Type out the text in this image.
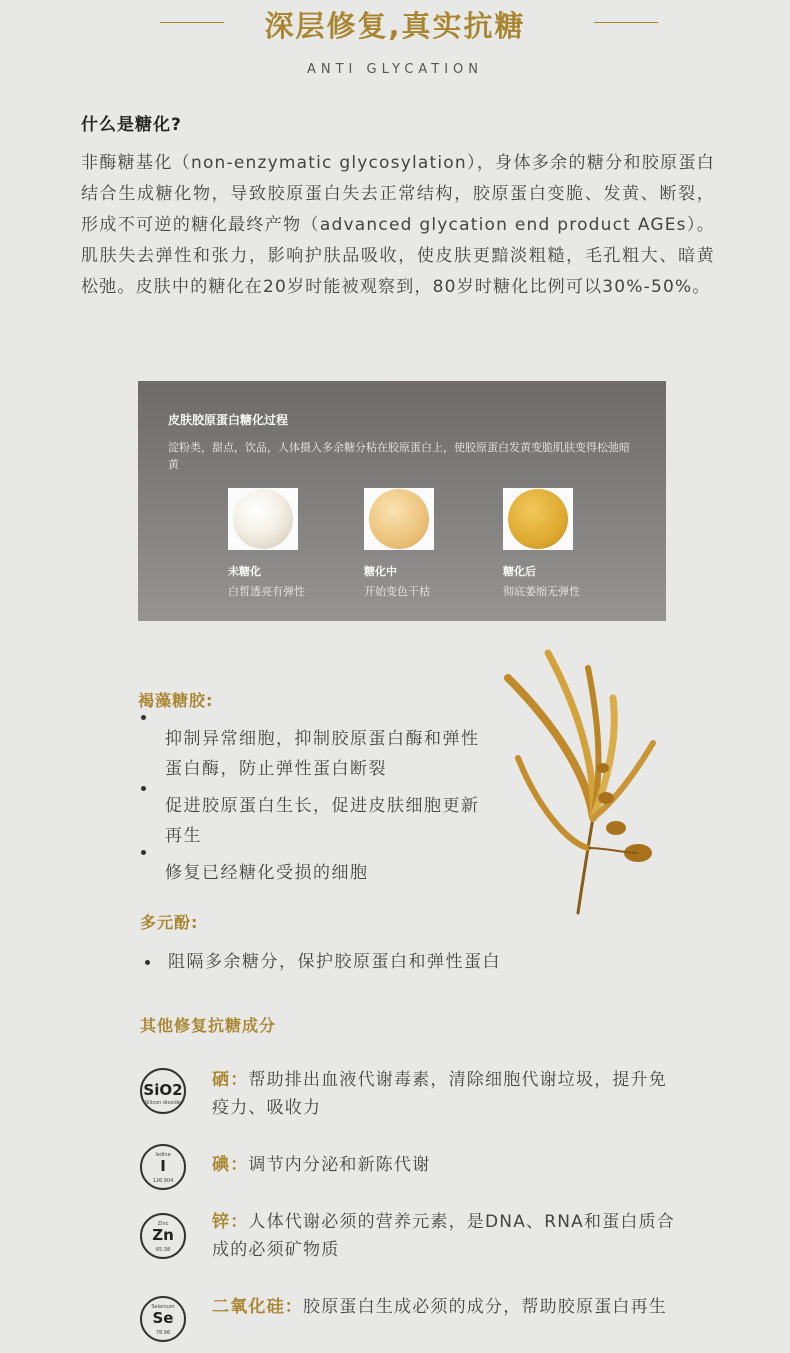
深层修复,真实抗糖
ANTI GLYCATION
什么是糖化?

非酶糖基化（non-enzymatic glycosylation），身体多余的糖分和胶原蛋白结合生成糖化物，导致胶原蛋白失去正常结构，胶原蛋白变脆、发黄、断裂，形成不可逆的糖化最终产物（advanced glycation end product AGEs）。肌肤失去弹性和张力，影响护肤品吸收，使皮肤更黯淡粗糙，毛孔粗大、暗黄松弛。皮肤中的糖化在20岁时能被观察到，80岁时糖化比例可以30%-50%。

皮肤胶原蛋白糖化过程

淀粉类，甜点，饮品，人体摄入多余糖分粘在胶原蛋白上，使胶原蛋白发黄变脆肌肤变得松弛暗黄

未糖化
白皙透亮有弹性
糖化中
开始变色干枯
糖化后
彻底萎缩无弹性
褐藻糖胶:

抑制异常细胞，抑制胶原蛋白酶和弹性蛋白酶，防止弹性蛋白断裂

促进胶原蛋白生长，促进皮肤细胞更新再生

修复已经糖化受损的细胞

多元酚:

阻隔多余糖分，保护胶原蛋白和弹性蛋白

其他修复抗糖成分
SiO2
Silicon dioxide

硒：帮助排出血液代谢毒素，清除细胞代谢垃圾，提升免疫力、吸收力

Iodine
I
126.904

碘：调节内分泌和新陈代谢

Zinc
Zn
65.38

锌：人体代谢必须的营养元素，是DNA、RNA和蛋白质合成的必须矿物质

Selenium
Se
78.96

二氧化硅：胶原蛋白生成必须的成分，帮助胶原蛋白再生
